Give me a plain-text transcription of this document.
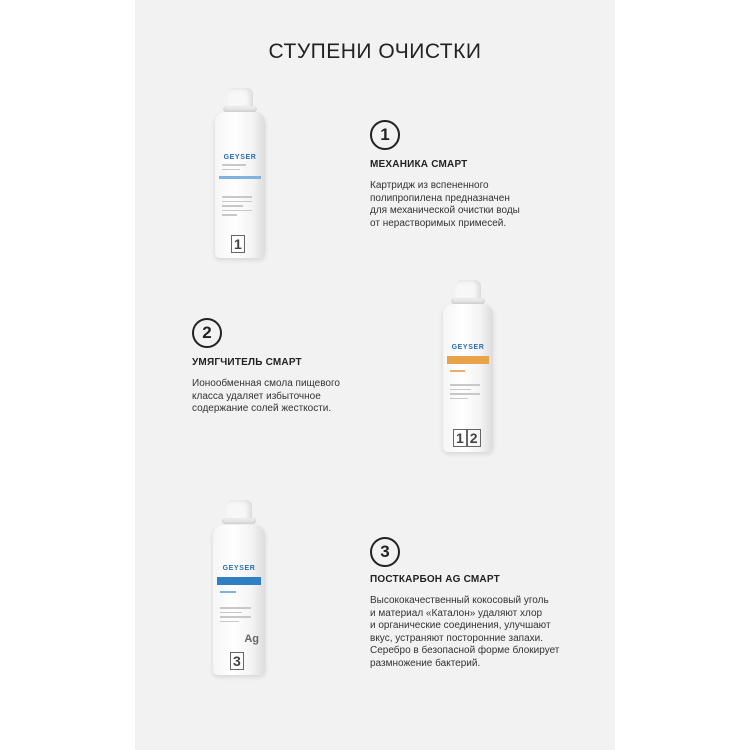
СТУПЕНИ ОЧИСТКИ
GEYSER
1
1
МЕХАНИКА СМАРТ
Картридж из вспененного
полипропилена предназначен
для механической очистки воды
от нерастворимых примесей.
2
УМЯГЧИТЕЛЬ СМАРТ
Ионообменная смола пищевого
класса удаляет избыточное
содержание солей жесткости.
GEYSER
1 2
GEYSER
Ag
3
3
ПОСТКАРБОН AG СМАРТ
Высококачественный кокосовый уголь
и материал «Каталон» удаляют хлор
и органические соединения, улучшают
вкус, устраняют посторонние запахи.
Серебро в безопасной форме блокирует
размножение бактерий.
